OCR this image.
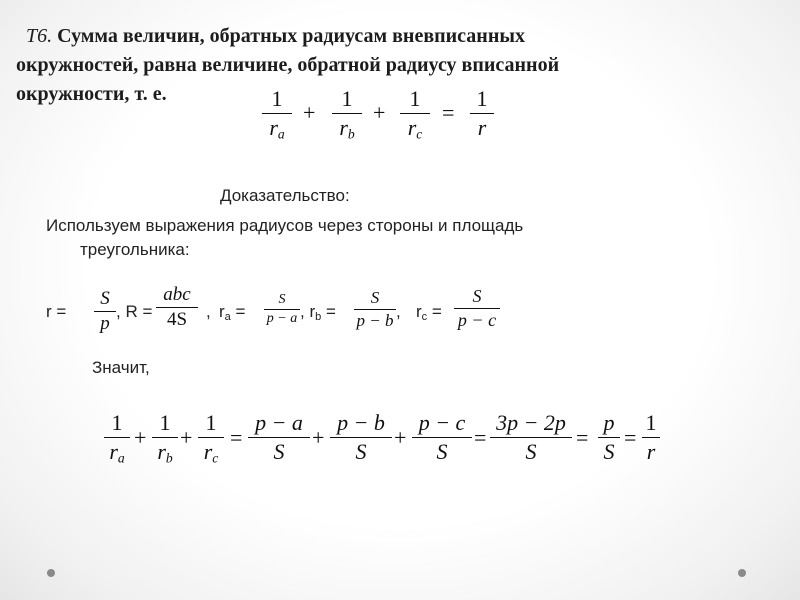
Т6. Сумма величин, обратных радиусам вневписанных
окружностей, равна величине, обратной радиусу вписанной
окружности, т. е.	1
$r_a$
+
1
$r_b$
+
1
$r_c$
=
1
r
Доказательство:
Используем выражения радиусов через стороны и площадь
треугольника:
r =
S
p
, R =
abc
4S , ra =
S
p − a , rb =
S
p − b , rc =
S
p − c
Значит,
1
$r_a$
+
1
$r_b$
+
1
$r_c$
=
p − a
S
+
p − b
S
+
p − c
S
=
3p − 2p
S
=
p
S
=
1
r
